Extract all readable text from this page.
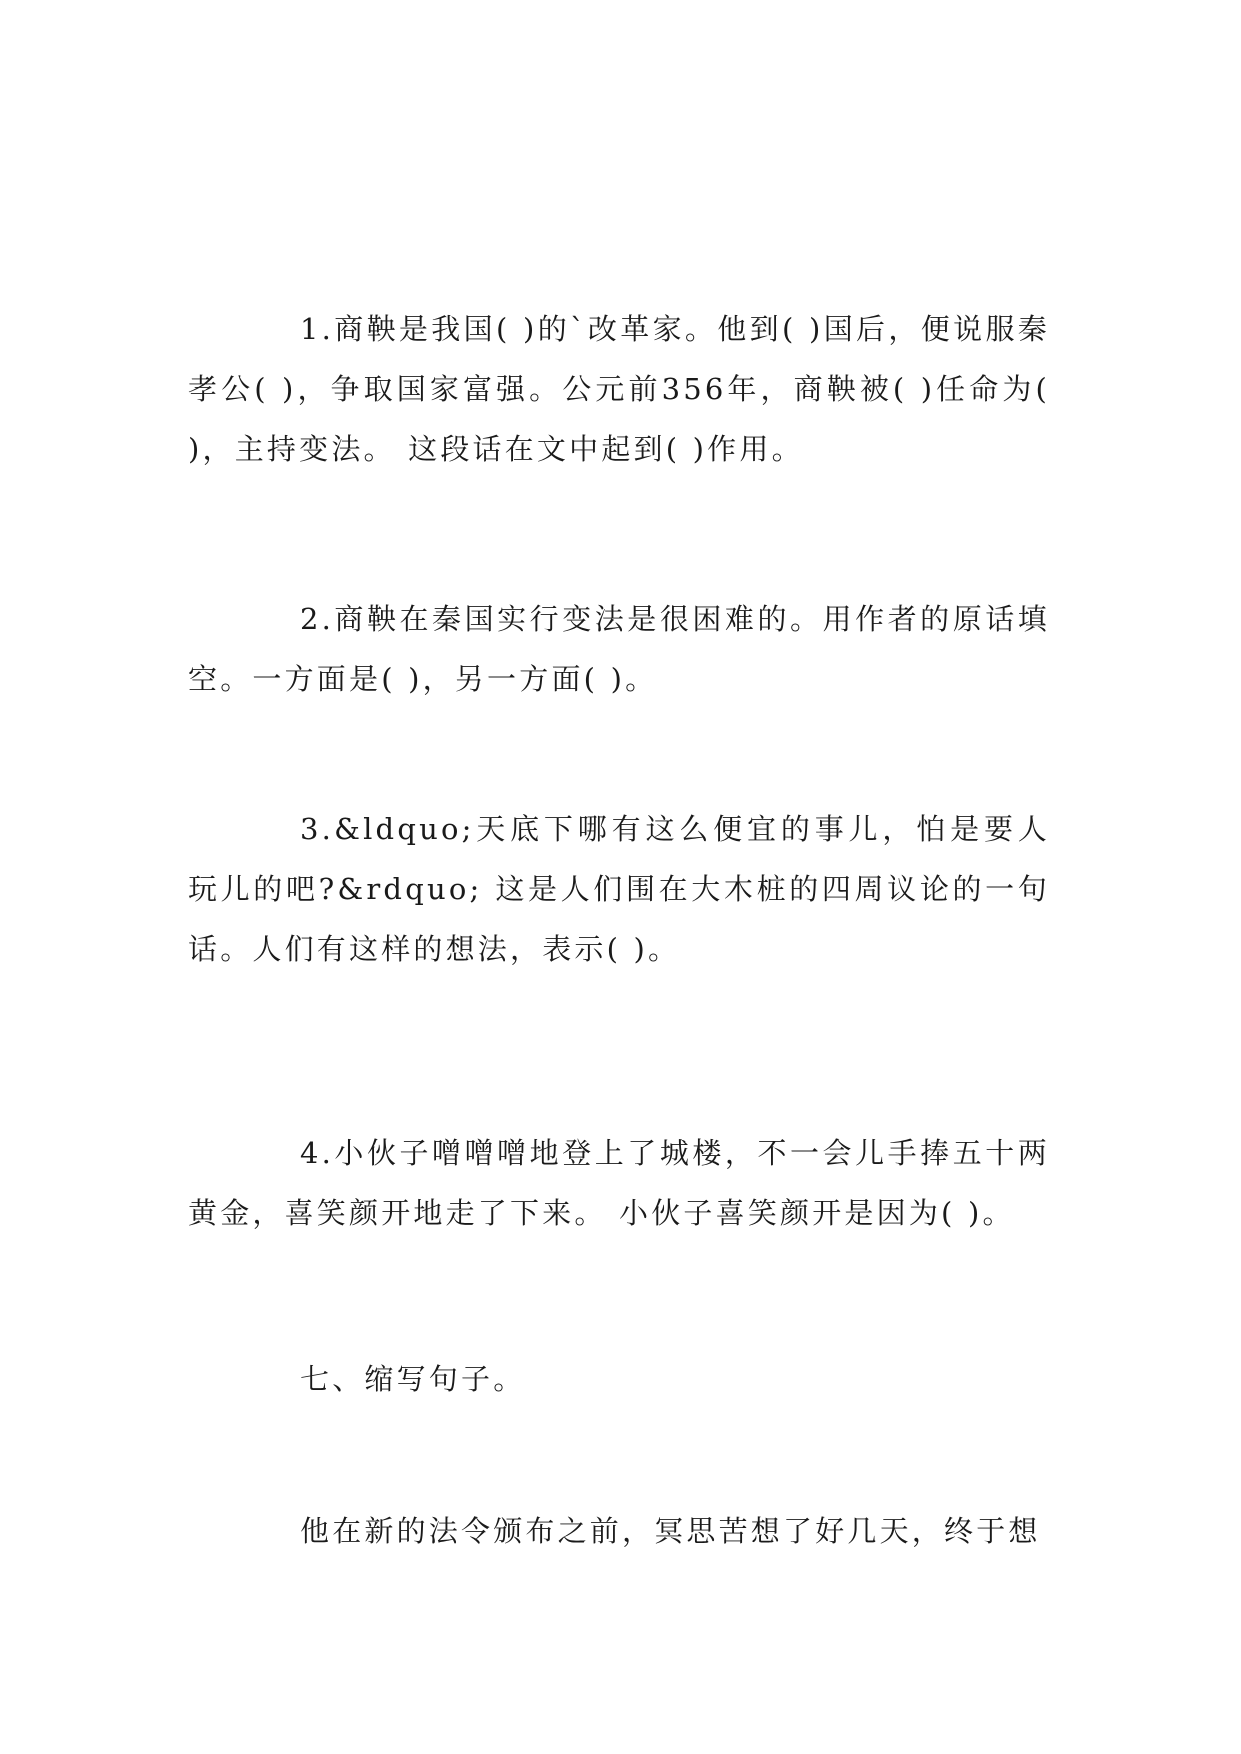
1.商鞅是我国( )的`改革家。他到( )国后，便说服秦孝公( )，争取国家富强。公元前356年，商鞅被( )任命为( )，主持变法。 这段话在文中起到( )作用。

2.商鞅在秦国实行变法是很困难的。用作者的原话填空。一方面是( )，另一方面( )。

3.&ldquo;天底下哪有这么便宜的事儿，怕是要人玩儿的吧?&rdquo; 这是人们围在大木桩的四周议论的一句话。人们有这样的想法，表示( )。

4.小伙子噌噌噌地登上了城楼，不一会儿手捧五十两黄金，喜笑颜开地走了下来。 小伙子喜笑颜开是因为( )。

七、缩写句子。

他在新的法令颁布之前，冥思苦想了好几天，终于想
